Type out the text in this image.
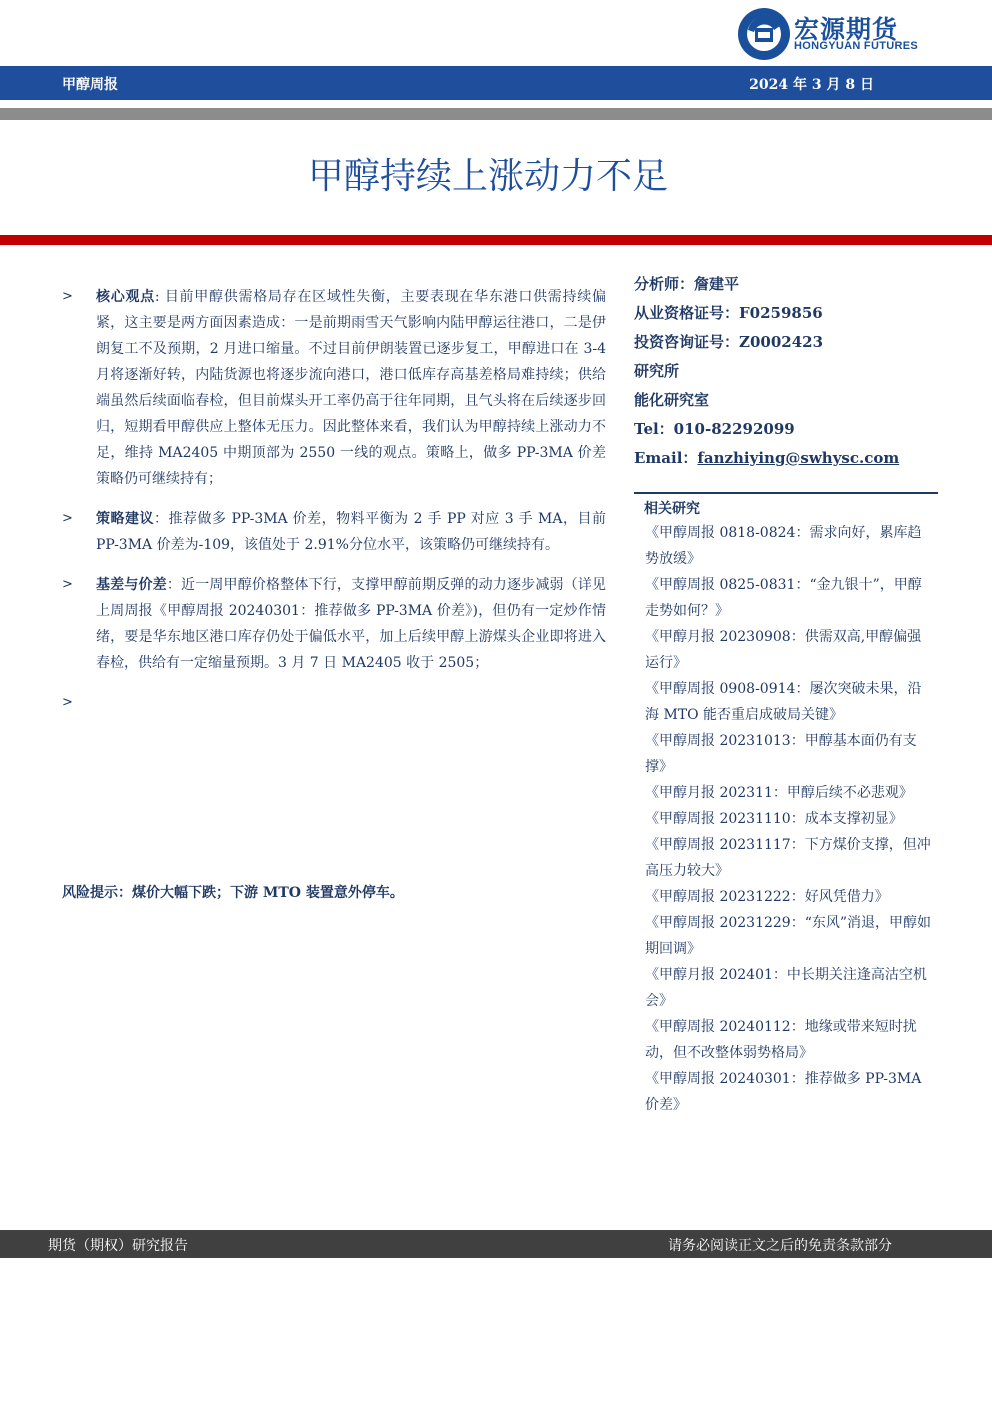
宏源期货
HONGYUAN FUTURES
甲醇周报	2024 年 3 月 8 日
甲醇持续上涨动力不足
> 核心观点: 目前甲醇供需格局存在区域性失衡，主要表现在华东港口供需持续偏紧，这主要是两方面因素造成：一是前期雨雪天气影响内陆甲醇运往港口，二是伊朗复工不及预期，2 月进口缩量。不过目前伊朗装置已逐步复工，甲醇进口在 3-4 月将逐渐好转，内陆货源也将逐步流向港口，港口低库存高基差格局难持续；供给端虽然后续面临春检，但目前煤头开工率仍高于往年同期，且气头将在后续逐步回归，短期看甲醇供应上整体无压力。因此整体来看，我们认为甲醇持续上涨动力不足，维持 MA2405 中期顶部为 2550 一线的观点。策略上，做多 PP-3MA 价差策略仍可继续持有；
> 策略建议：推荐做多 PP-3MA 价差，物料平衡为 2 手 PP 对应 3 手 MA，目前 PP-3MA 价差为-109，该值处于 2.91%分位水平，该策略仍可继续持有。
> 基差与价差：近一周甲醇价格整体下行，支撑甲醇前期反弹的动力逐步减弱（详见上周周报《甲醇周报 20240301：推荐做多 PP-3MA 价差》)，但仍有一定炒作情绪，要是华东地区港口库存仍处于偏低水平，加上后续甲醇上游煤头企业即将进入春检，供给有一定缩量预期。3 月 7 日 MA2405 收于 2505；
>
风险提示：煤价大幅下跌；下游 MTO 装置意外停车。
分析师：詹建平
从业资格证号：F0259856
投资咨询证号：Z0002423
研究所
能化研究室
Tel：010-82292099
Email：fanzhiying@swhysc.com
相关研究
《甲醇周报 0818-0824：需求向好，累库趋势放缓》
《甲醇周报 0825-0831：“金九银十”，甲醇走势如何？》
《甲醇月报 20230908：供需双高,甲醇偏强运行》
《甲醇周报 0908-0914：屡次突破未果，沿海 MTO 能否重启成破局关键》
《甲醇周报 20231013：甲醇基本面仍有支撑》
《甲醇月报 202311：甲醇后续不必悲观》
《甲醇周报 20231110：成本支撑初显》
《甲醇周报 20231117：下方煤价支撑，但冲高压力较大》
《甲醇周报 20231222：好风凭借力》
《甲醇周报 20231229：“东风”消退，甲醇如期回调》
《甲醇月报 202401：中长期关注逢高沽空机会》
《甲醇周报 20240112：地缘或带来短时扰动，但不改整体弱势格局》
《甲醇周报 20240301：推荐做多 PP-3MA 价差》
期货（期权）研究报告	请务必阅读正文之后的免责条款部分
